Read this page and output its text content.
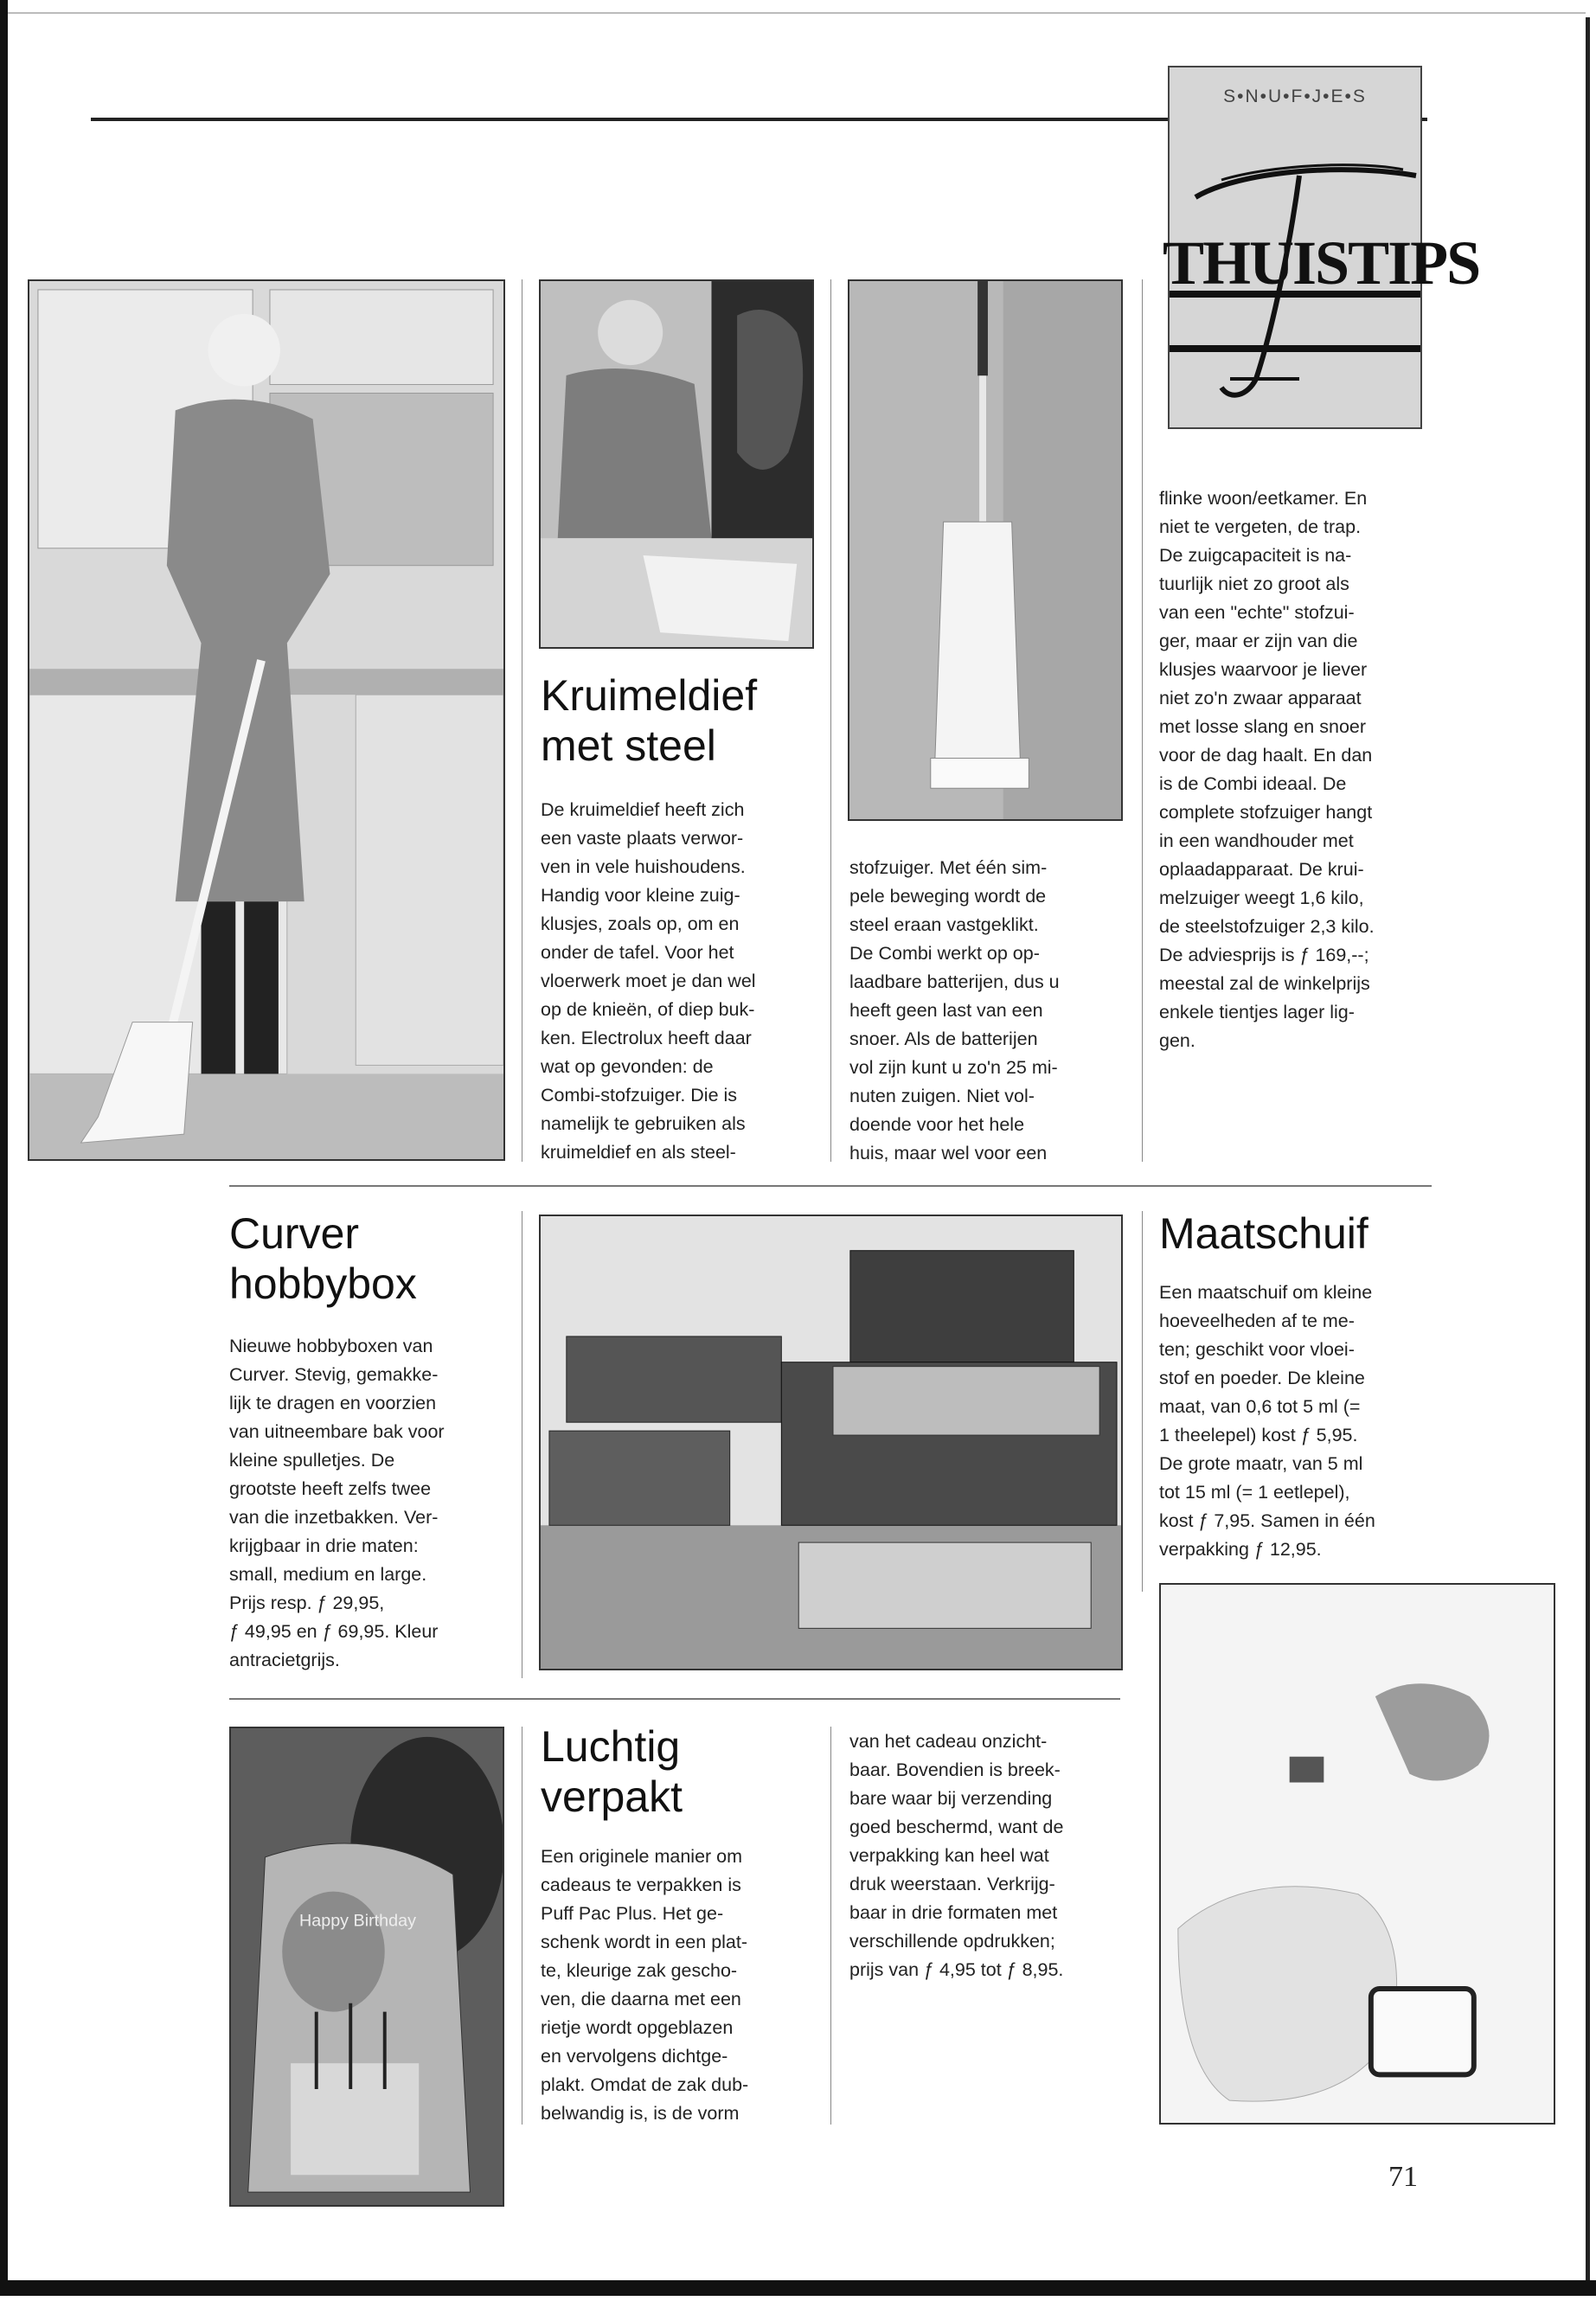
S•N•U•F•J•E•S
THUISTIPS
Kruimeldief
met steel
De kruimeldief heeft zich
een vaste plaats verwor-
ven in vele huishoudens.
Handig voor kleine zuig-
klusjes, zoals op, om en
onder de tafel. Voor het
vloerwerk moet je dan wel
op de knieën, of diep buk-
ken. Electrolux heeft daar
wat op gevonden: de
Combi-stofzuiger. Die is
namelijk te gebruiken als
kruimeldief en als steel-
stofzuiger. Met één sim-
pele beweging wordt de
steel eraan vastgeklikt.
De Combi werkt op op-
laadbare batterijen, dus u
heeft geen last van een
snoer. Als de batterijen
vol zijn kunt u zo'n 25 mi-
nuten zuigen. Niet vol-
doende voor het hele
huis, maar wel voor een
flinke woon/eetkamer. En
niet te vergeten, de trap.
De zuigcapaciteit is na-
tuurlijk niet zo groot als
van een "echte" stofzui-
ger, maar er zijn van die
klusjes waarvoor je liever
niet zo'n zwaar apparaat
met losse slang en snoer
voor de dag haalt. En dan
is de Combi ideaal. De
complete stofzuiger hangt
in een wandhouder met
oplaadapparaat. De krui-
melzuiger weegt 1,6 kilo,
de steelstofzuiger 2,3 kilo.
De adviesprijs is ƒ 169,--;
meestal zal de winkelprijs
enkele tientjes lager lig-
gen.
Curver
hobbybox
Nieuwe hobbyboxen van
Curver. Stevig, gemakke-
lijk te dragen en voorzien
van uitneembare bak voor
kleine spulletjes. De
grootste heeft zelfs twee
van die inzetbakken. Ver-
krijgbaar in drie maten:
small, medium en large.
Prijs resp. ƒ 29,95,
ƒ 49,95 en ƒ 69,95. Kleur
antracietgrijs.
Maatschuif
Een maatschuif om kleine
hoeveelheden af te me-
ten; geschikt voor vloei-
stof en poeder. De kleine
maat, van 0,6 tot 5 ml (=
1 theelepel) kost ƒ 5,95.
De grote maatr, van 5 ml
tot 15 ml (= 1 eetlepel),
kost ƒ 7,95. Samen in één
verpakking ƒ 12,95.
Happy Birthday
Luchtig
verpakt
Een originele manier om
cadeaus te verpakken is
Puff Pac Plus. Het ge-
schenk wordt in een plat-
te, kleurige zak gescho-
ven, die daarna met een
rietje wordt opgeblazen
en vervolgens dichtge-
plakt. Omdat de zak dub-
belwandig is, is de vorm
van het cadeau onzicht-
baar. Bovendien is breek-
bare waar bij verzending
goed beschermd, want de
verpakking kan heel wat
druk weerstaan. Verkrijg-
baar in drie formaten met
verschillende opdrukken;
prijs van ƒ 4,95 tot ƒ 8,95.
71
